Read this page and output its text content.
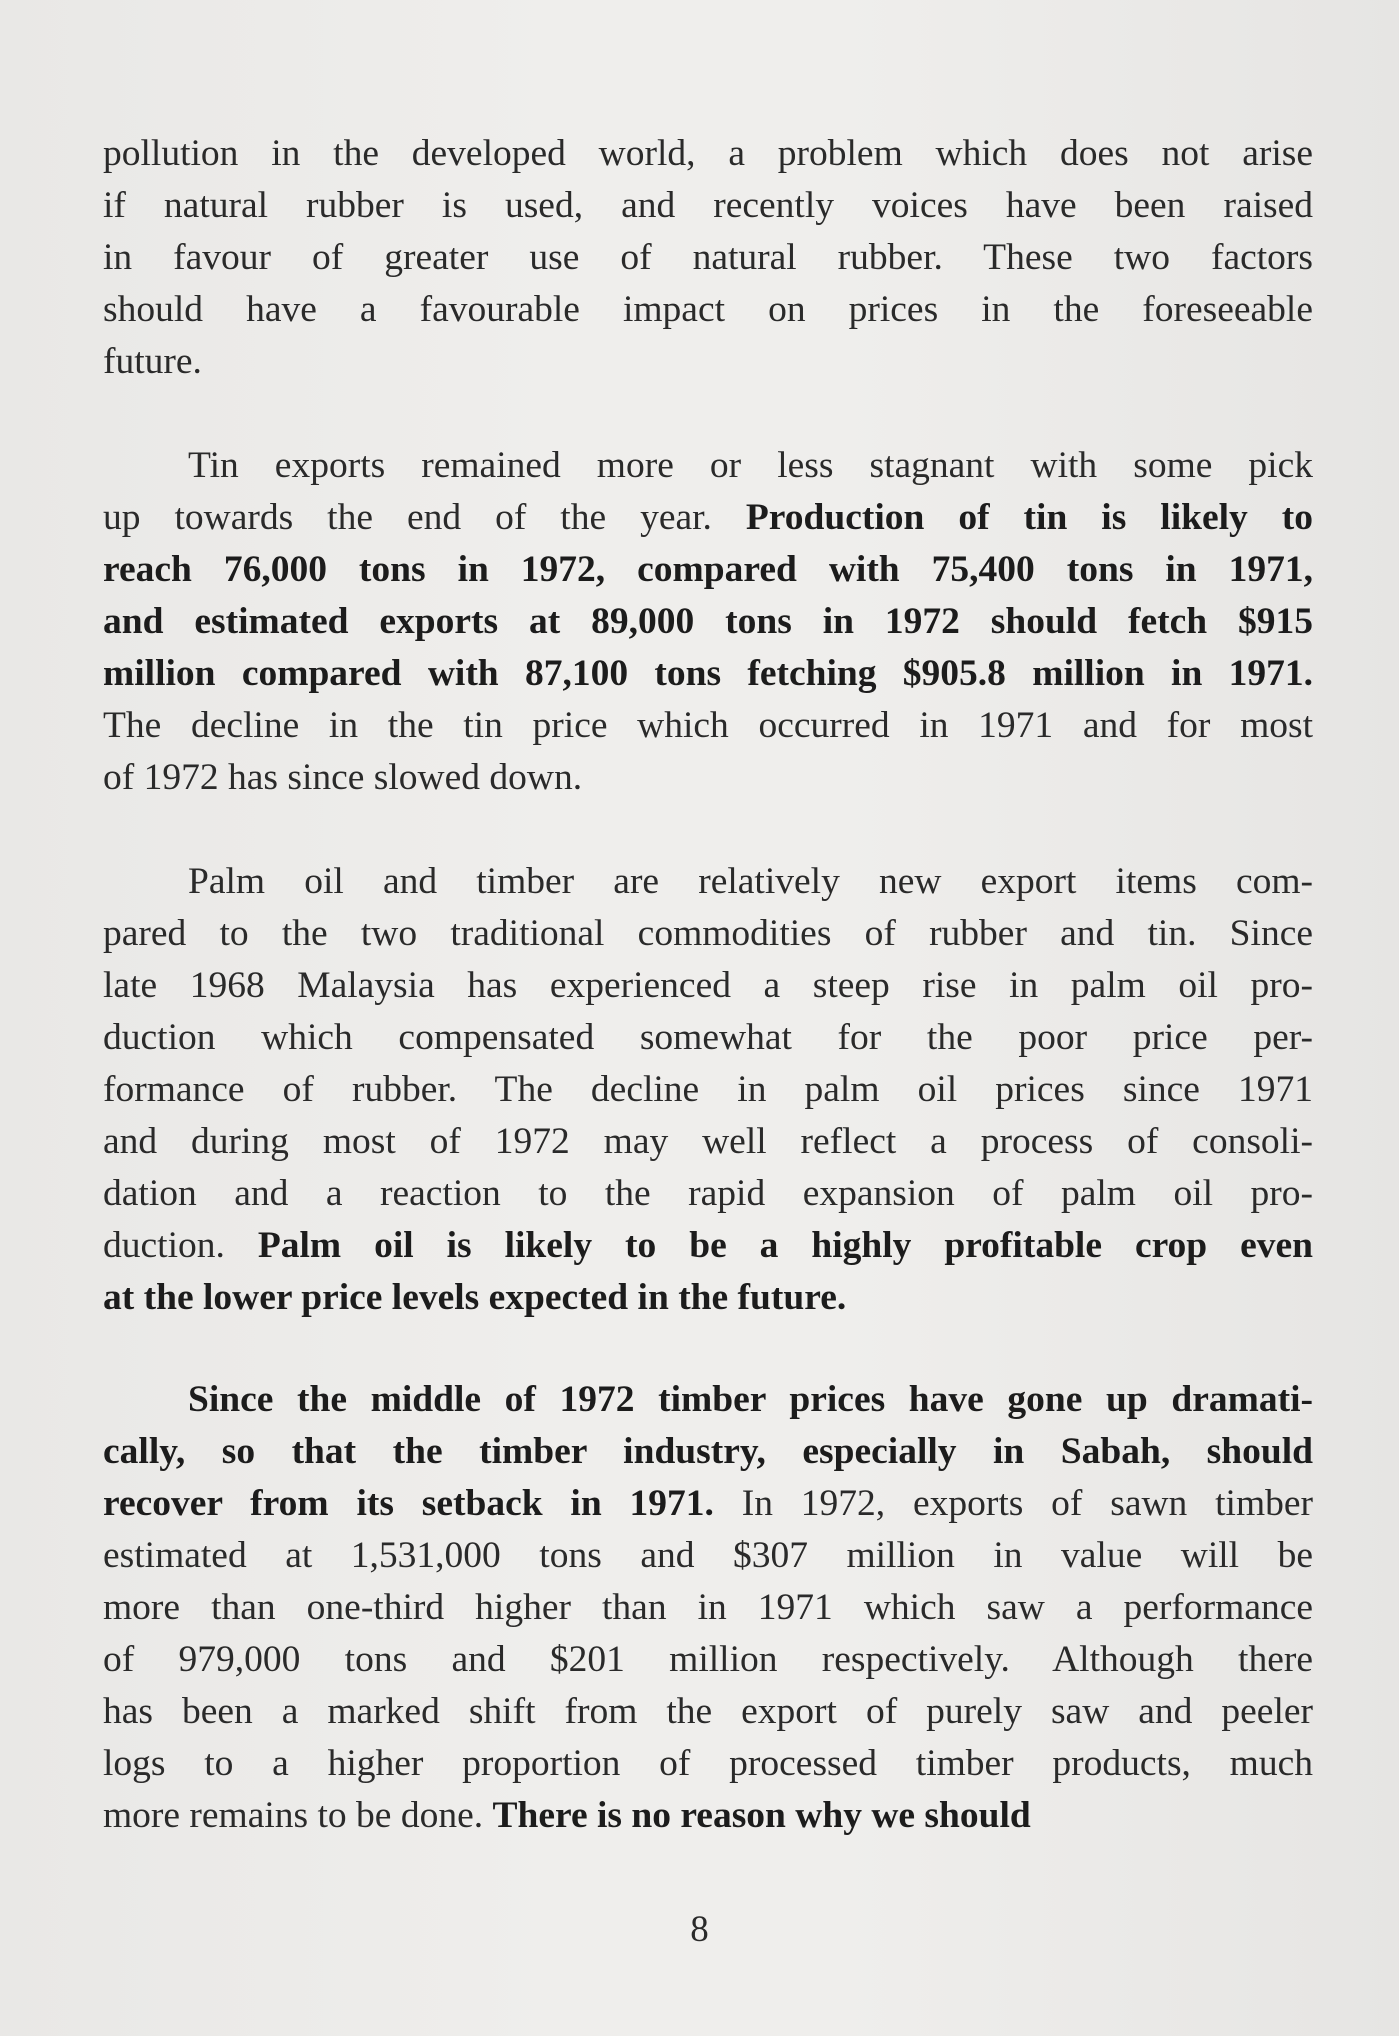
pollution in the developed world, a problem which does not arise
if natural rubber is used, and recently voices have been raised
in favour of greater use of natural rubber. These two factors
should have a favourable impact on prices in the foreseeable
future.
Tin exports remained more or less stagnant with some pick
up towards the end of the year. Production of tin is likely to
reach 76,000 tons in 1972, compared with 75,400 tons in 1971,
and estimated exports at 89,000 tons in 1972 should fetch $915
million compared with 87,100 tons fetching $905.8 million in 1971.
The decline in the tin price which occurred in 1971 and for most
of 1972 has since slowed down.
Palm oil and timber are relatively new export items com-
pared to the two traditional commodities of rubber and tin. Since
late 1968 Malaysia has experienced a steep rise in palm oil pro-
duction which compensated somewhat for the poor price per-
formance of rubber. The decline in palm oil prices since 1971
and during most of 1972 may well reflect a process of consoli-
dation and a reaction to the rapid expansion of palm oil pro-
duction. Palm oil is likely to be a highly profitable crop even
at the lower price levels expected in the future.
Since the middle of 1972 timber prices have gone up dramati-
cally, so that the timber industry, especially in Sabah, should
recover from its setback in 1971. In 1972, exports of sawn timber
estimated at 1,531,000 tons and $307 million in value will be
more than one-third higher than in 1971 which saw a performance
of 979,000 tons and $201 million respectively. Although there
has been a marked shift from the export of purely saw and peeler
logs to a higher proportion of processed timber products, much
more remains to be done. There is no reason why we should
8
